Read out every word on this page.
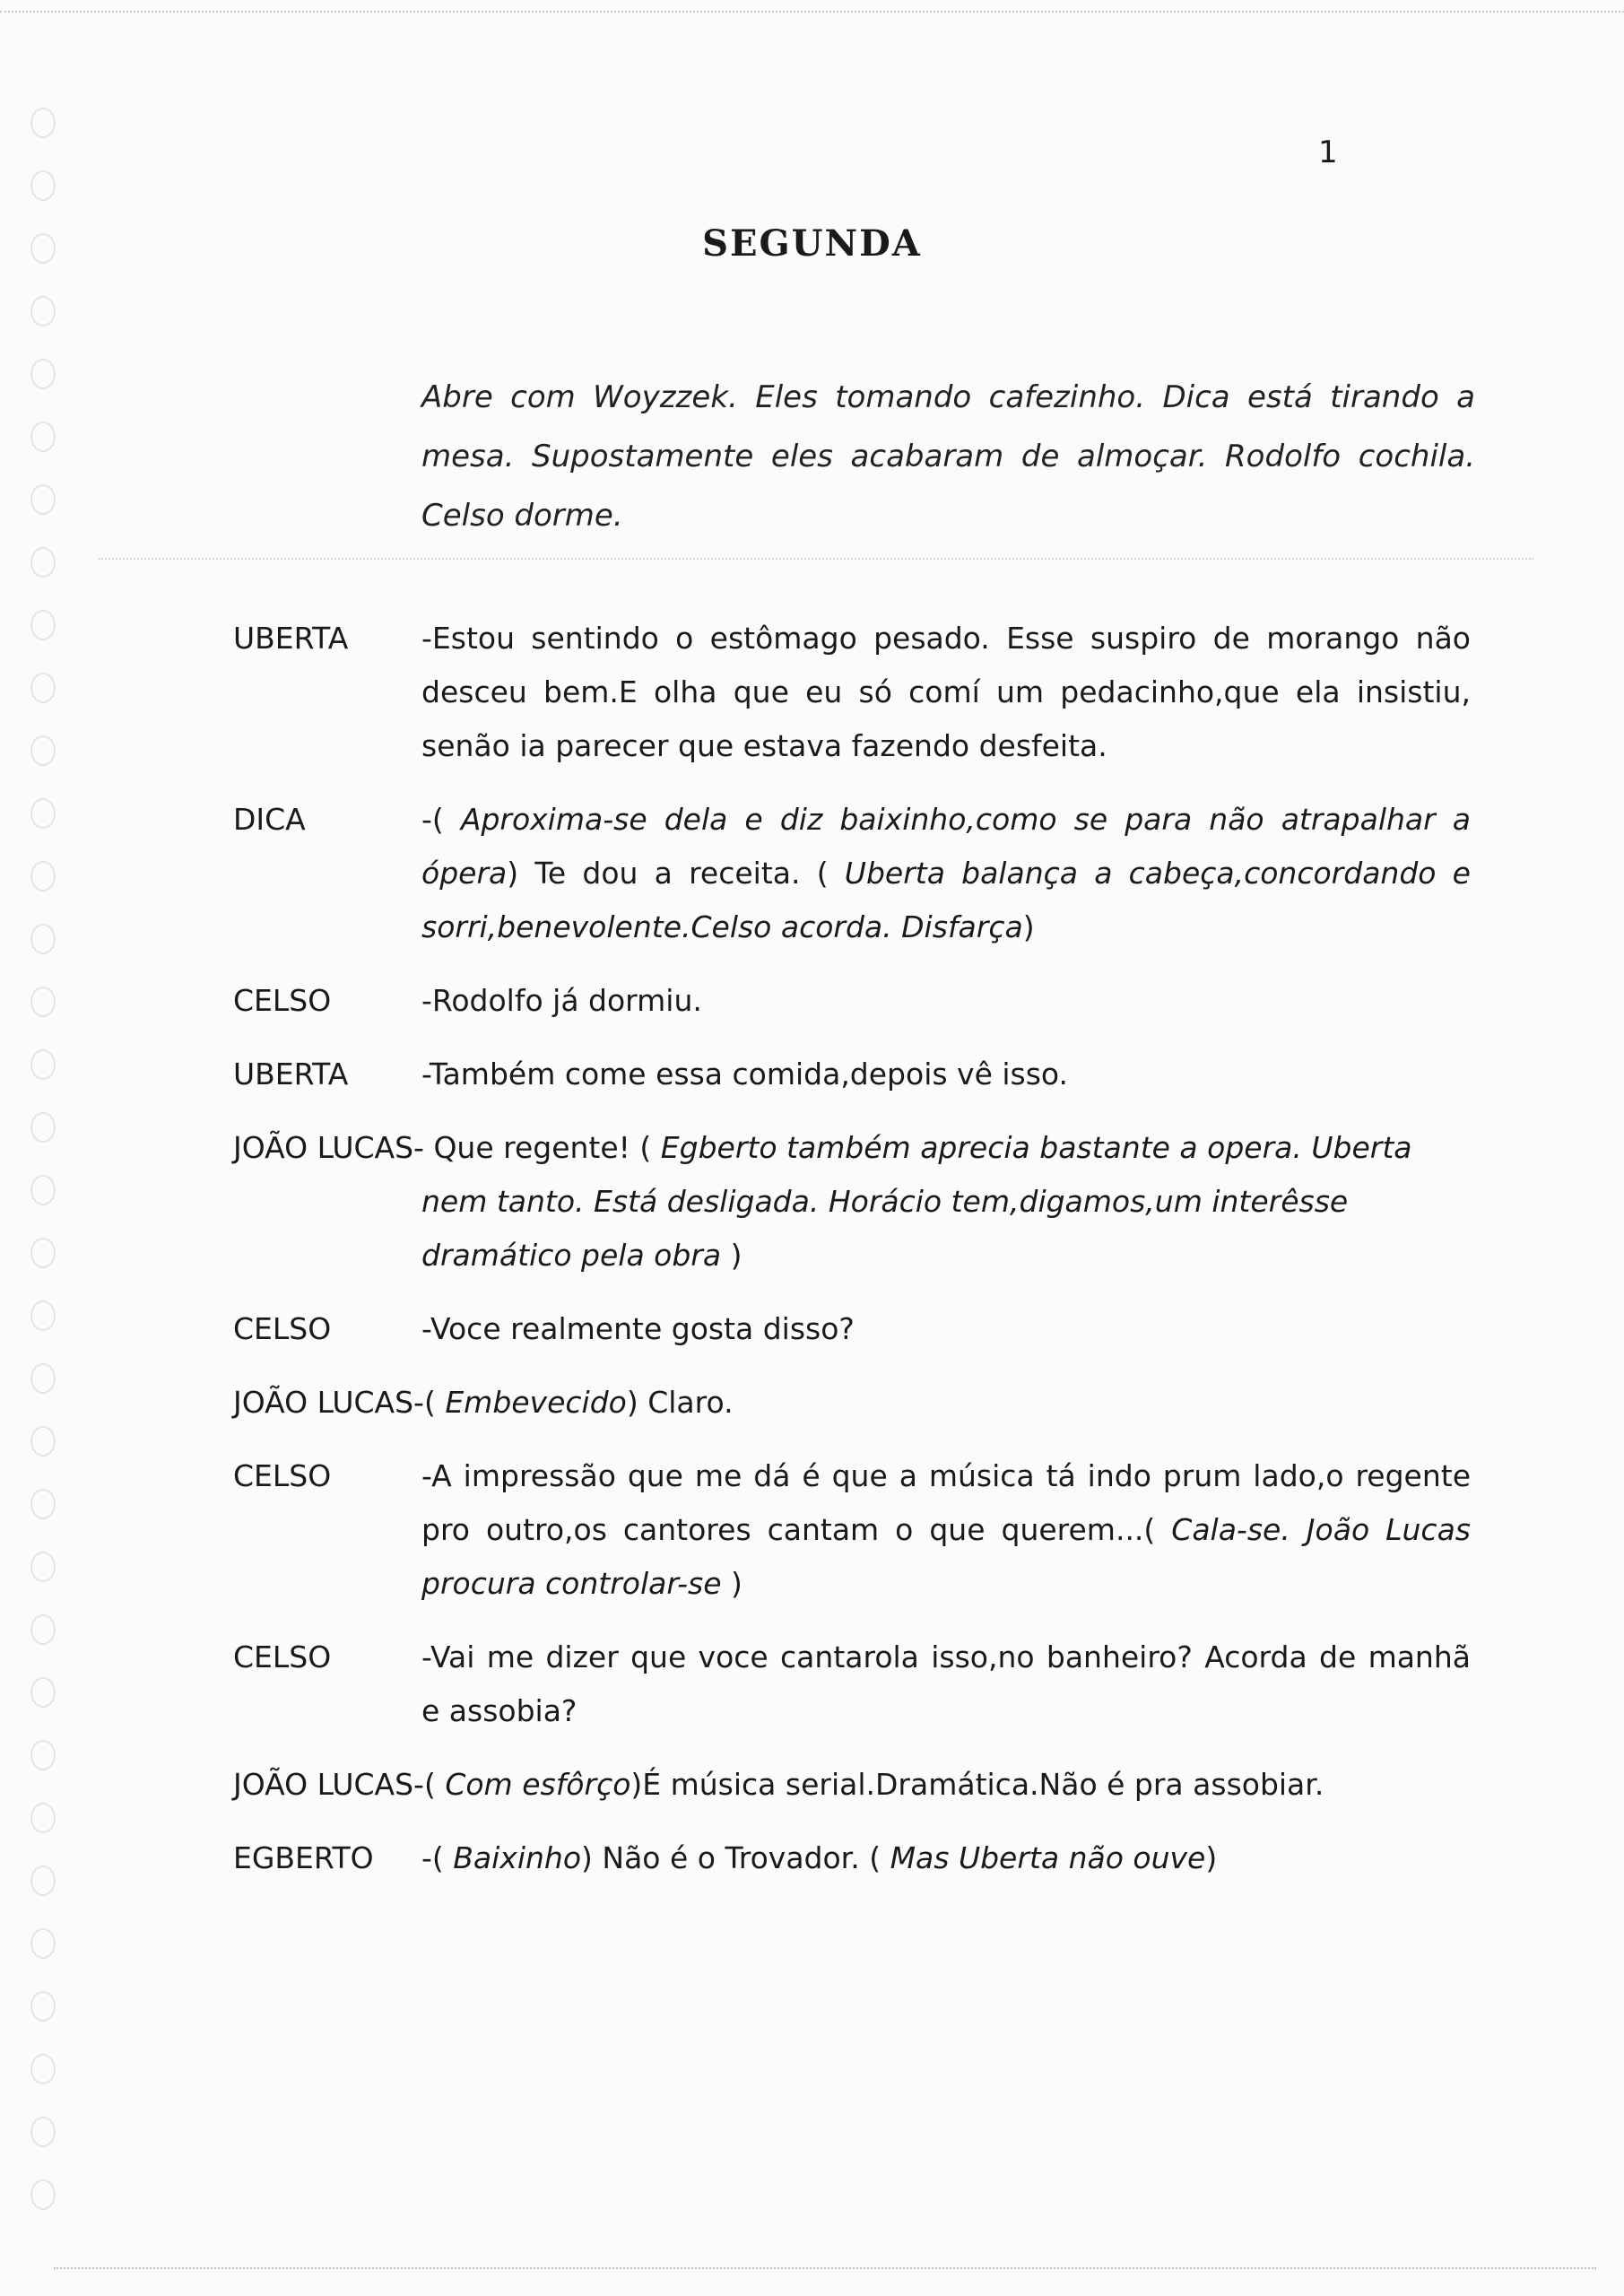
1
SEGUNDA
Abre com Woyzzek. Eles tomando cafezinho. Dica está tirando a mesa. Supostamente eles acabaram de almoçar. Rodolfo cochila. Celso dorme.
UBERTA	-Estou sentindo o estômago pesado. Esse suspiro de morango não desceu bem.E olha que eu só comí um pedacinho,que ela insistiu, senão ia parecer que estava fazendo desfeita.
DICA	-( Aproxima-se dela e diz baixinho,como se para não atrapalhar a ópera) Te dou a receita. ( Uberta balança a cabeça,concordando e sorri,benevolente.Celso acorda. Disfarça)
CELSO	-Rodolfo já dormiu.
UBERTA	-Também come essa comida,depois vê isso.
JOÃO LUCAS- Que regente! ( Egberto também aprecia bastante a opera. Uberta nem tanto. Está desligada. Horácio tem,digamos,um interêsse dramático pela obra )
CELSO	-Voce realmente gosta disso?
JOÃO LUCAS-( Embevecido) Claro.
CELSO	-A impressão que me dá é que a música tá indo prum lado,o regente pro outro,os cantores cantam o que querem...( Cala-se. João Lucas procura controlar-se )
CELSO	-Vai me dizer que voce cantarola isso,no banheiro? Acorda de manhã e assobia?
JOÃO LUCAS-( Com esfôrço)É música serial.Dramática.Não é pra assobiar.
EGBERTO	-( Baixinho) Não é o Trovador. ( Mas Uberta não ouve)
